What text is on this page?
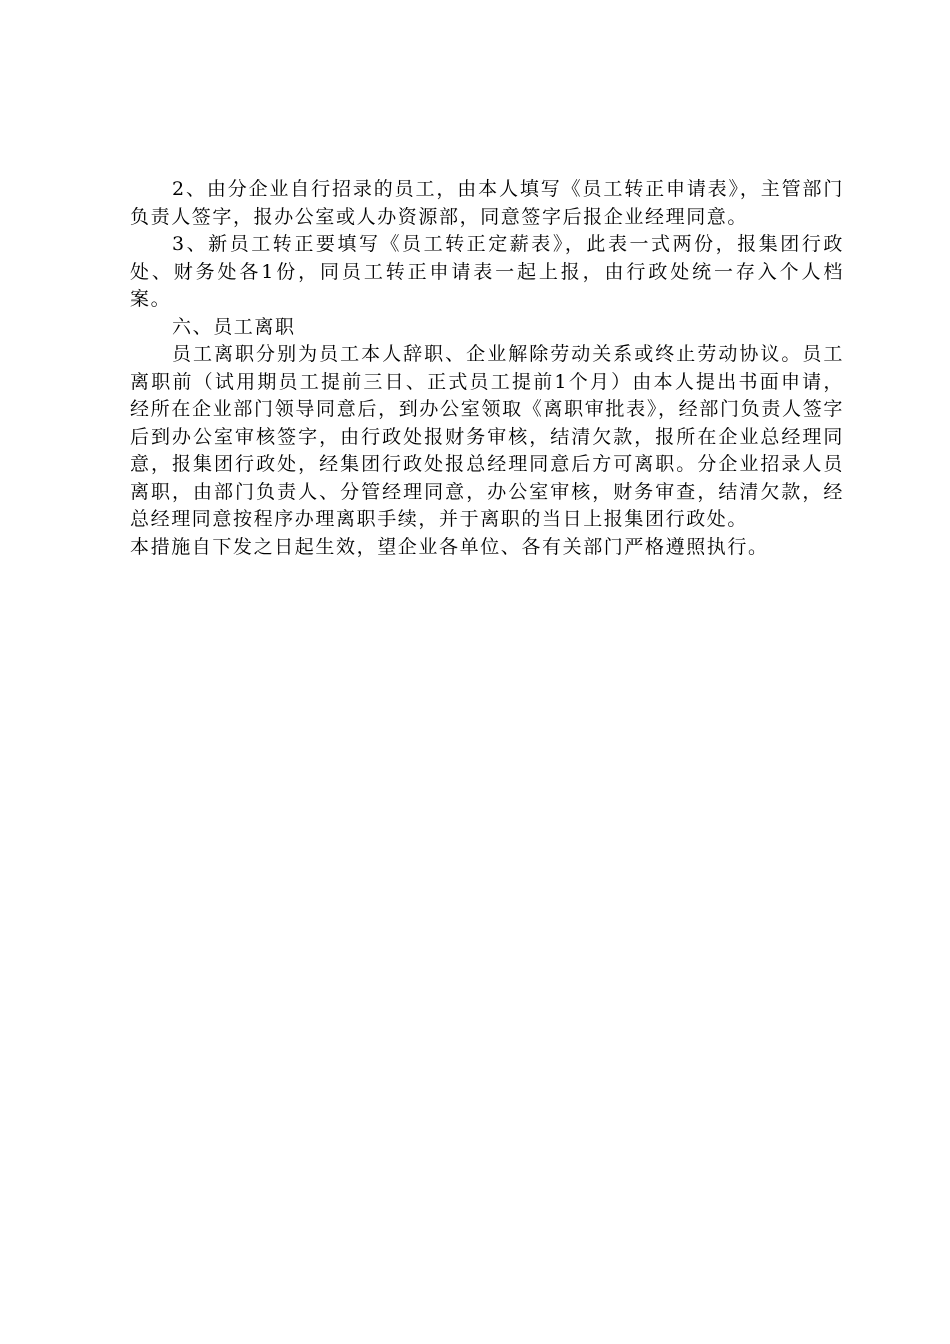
2、由分企业自行招录的员工，由本人填写《员工转正申请表》，主管部门负责人签字，报办公室或人办资源部，同意签字后报企业经理同意。

3、新员工转正要填写《员工转正定薪表》，此表一式两份，报集团行政处、财务处各1份，同员工转正申请表一起上报，由行政处统一存入个人档案。

六、员工离职

员工离职分别为员工本人辞职、企业解除劳动关系或终止劳动协议。员工离职前（试用期员工提前三日、正式员工提前1个月）由本人提出书面申请，经所在企业部门领导同意后，到办公室领取《离职审批表》，经部门负责人签字后到办公室审核签字，由行政处报财务审核，结清欠款，报所在企业总经理同意，报集团行政处，经集团行政处报总经理同意后方可离职。分企业招录人员离职，由部门负责人、分管经理同意，办公室审核，财务审查，结清欠款，经总经理同意按程序办理离职手续，并于离职的当日上报集团行政处。

本措施自下发之日起生效，望企业各单位、各有关部门严格遵照执行。
